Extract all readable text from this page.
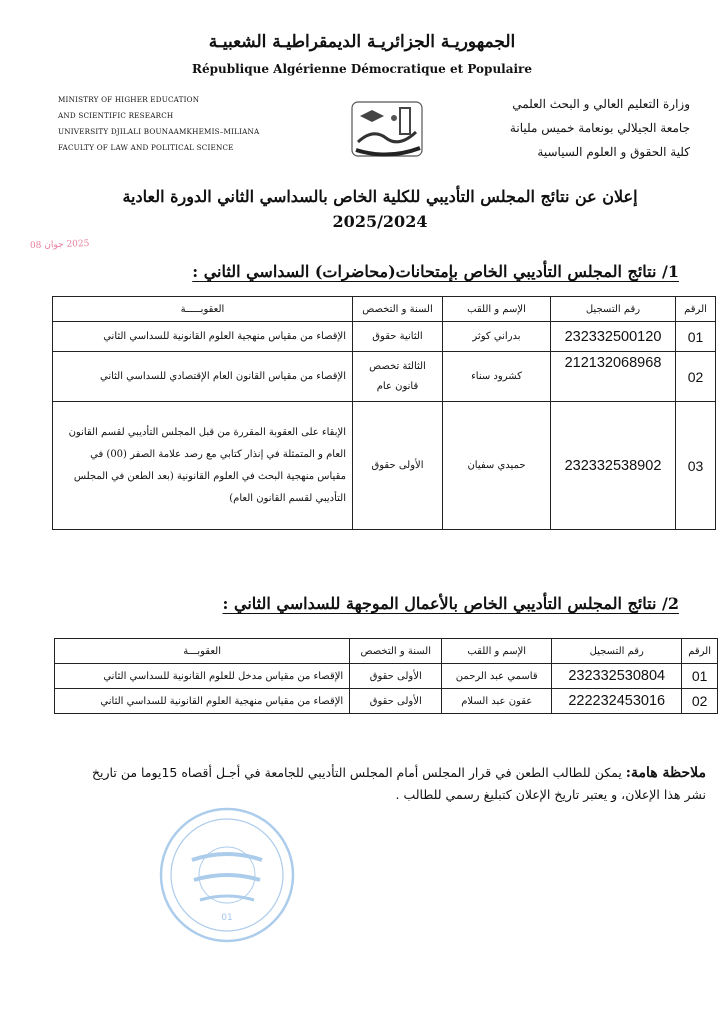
الجمهوريـة الجزائريـة الديمقراطيـة الشعبيـة
République Algérienne Démocratique et Populaire
MINISTRY OF HIGHER EDUCATION
AND SCIENTIFIC RESEARCH
UNIVERSITY DJILALI BOUNAAMKHEMIS–MILIANA
FACULTY OF LAW AND POLITICAL SCIENCE
وزارة التعليم العالي و البحث العلمي
جامعة الجيلالي بونعامة خميس مليانة
كلية الحقوق و العلوم السياسية
إعلان عن نتائج المجلس التأديبي للكلية الخاص بالسداسي الثاني الدورة العادية
2025/2024
2025 جوان 08
1/ نتائج المجلس التأديبي الخاص بإمتحانات(محاضرات) السداسي الثاني :
الرقم	رقم التسجيل	الإسم و اللقب	السنة و التخصص	العقوبـــــة
01	232332500120	بدراني كوثر	الثانية حقوق	الإقصاء من مقياس منهجية العلوم القانونية للسداسي الثاني
02	212132068968	كشرود سناء	الثالثة تخصص قانون عام	الإقصاء من مقياس القانون العام الإقتصادي للسداسي الثاني
03	232332538902	حميدي سفيان	الأولى حقوق	الإبقاء على العقوبة المقررة من قبل المجلس التأديبي لقسم القانون العام و المتمثلة في إنذار كتابي مع رصد علامة الصفر (00) في مقياس منهجية البحث في العلوم القانونية (بعد الطعن في المجلس التأديبي لقسم القانون العام)
2/ نتائج المجلس التأديبي الخاص بالأعمال الموجهة للسداسي الثاني :
الرقم	رقم التسجيل	الإسم و اللقب	السنة و التخصص	العقوبـــة
01	232332530804	قاسمي عبد الرحمن	الأولى حقوق	الإقصاء من مقياس مدخل للعلوم القانونية للسداسي الثاني
02	222232453016	عقون عبد السلام	الأولى حقوق	الإقصاء من مقياس منهجية العلوم القانونية للسداسي الثاني
ملاحظة هامة: يمكن للطالب الطعن في قرار المجلس أمام المجلس التأديبي للجامعة في أجـل أقصاه 15يوما من تاريخ
نشر هذا الإعلان، و يعتبر تاريخ الإعلان كتبليغ رسمي للطالب .
01
